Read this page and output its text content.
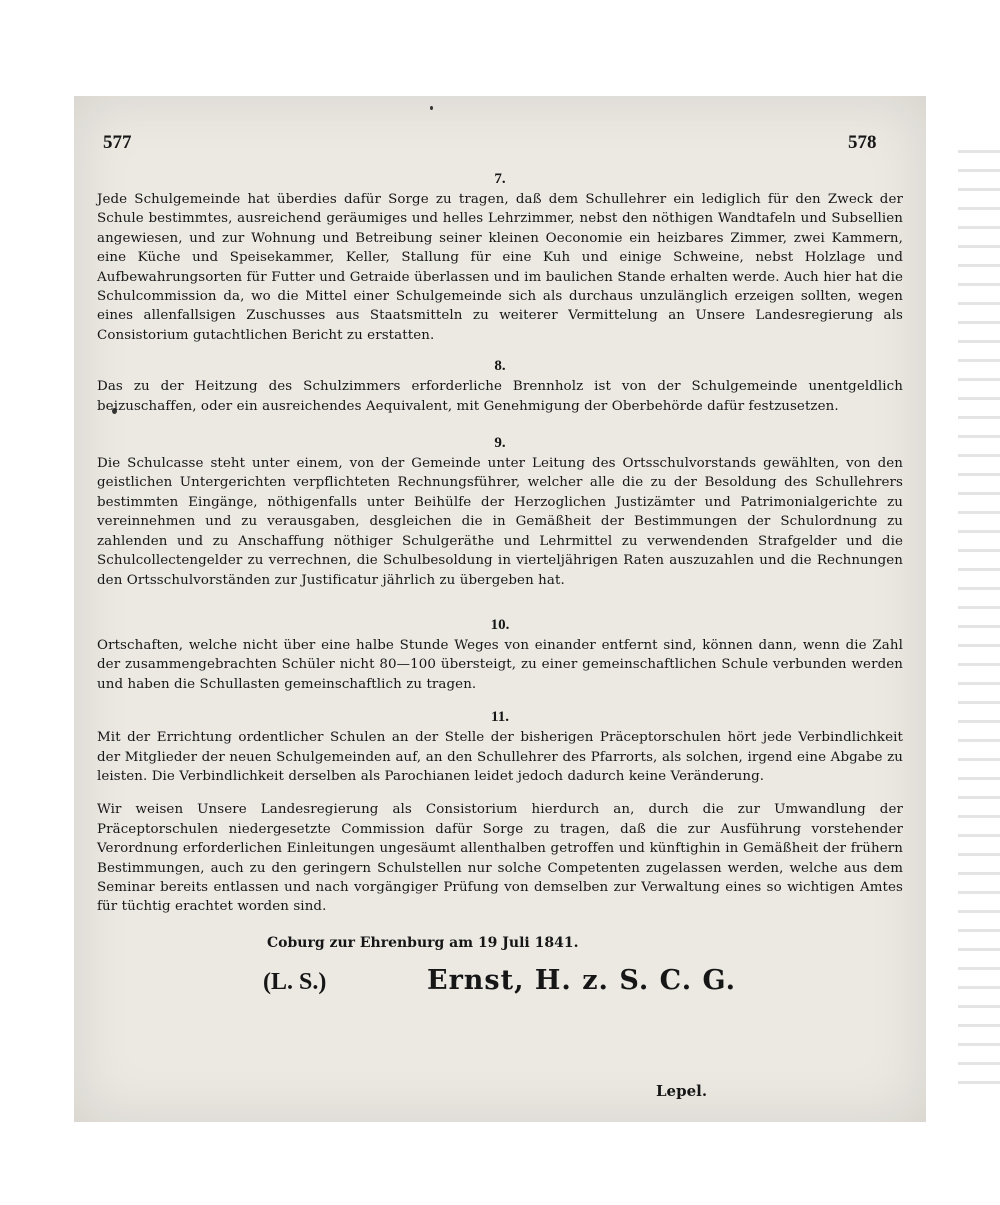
577	578
7.

Jede Schulgemeinde hat überdies dafür Sorge zu tragen, daß dem Schullehrer ein lediglich für den Zweck der Schule bestimmtes, ausreichend geräumiges und helles Lehrzimmer, nebst den nöthigen Wandtafeln und Subsellien angewiesen, und zur Wohnung und Betreibung seiner kleinen Oeconomie ein heizbares Zimmer, zwei Kammern, eine Küche und Speisekammer, Keller, Stallung für eine Kuh und einige Schweine, nebst Holzlage und Aufbewahrungsorten für Futter und Getraide überlassen und im baulichen Stande erhalten werde. Auch hier hat die Schulcommission da, wo die Mittel einer Schulgemeinde sich als durchaus unzulänglich erzeigen sollten, wegen eines allenfallsigen Zuschusses aus Staatsmitteln zu weiterer Vermittelung an Unsere Landesregierung als Consistorium gutachtlichen Bericht zu erstatten.

8.

Das zu der Heitzung des Schulzimmers erforderliche Brennholz ist von der Schulgemeinde unentgeldlich beizuschaffen, oder ein ausreichendes Aequivalent, mit Genehmigung der Oberbehörde dafür festzusetzen.

9.

Die Schulcasse steht unter einem, von der Gemeinde unter Leitung des Ortsschulvorstands gewählten, von den geistlichen Untergerichten verpflichteten Rechnungsführer, welcher alle die zu der Besoldung des Schullehrers bestimmten Eingänge, nöthigenfalls unter Beihülfe der Herzoglichen Justizämter und Patrimonialgerichte zu vereinnehmen und zu verausgaben, desgleichen die in Gemäßheit der Bestimmungen der Schulordnung zu zahlenden und zu Anschaffung nöthiger Schulgeräthe und Lehrmittel zu verwendenden Strafgelder und die Schulcollectengelder zu verrechnen, die Schulbesoldung in vierteljährigen Raten auszuzahlen und die Rechnungen den Ortsschulvorständen zur Justificatur jährlich zu übergeben hat.

10.

Ortschaften, welche nicht über eine halbe Stunde Weges von einander entfernt sind, können dann, wenn die Zahl der zusammengebrachten Schüler nicht 80—100 übersteigt, zu einer gemeinschaftlichen Schule verbunden werden und haben die Schullasten gemeinschaftlich zu tragen.

11.

Mit der Errichtung ordentlicher Schulen an der Stelle der bisherigen Präceptorschulen hört jede Verbindlichkeit der Mitglieder der neuen Schulgemeinden auf, an den Schullehrer des Pfarrorts, als solchen, irgend eine Abgabe zu leisten. Die Verbindlichkeit derselben als Parochianen leidet jedoch dadurch keine Veränderung.

Wir weisen Unsere Landesregierung als Consistorium hierdurch an, durch die zur Umwandlung der Präceptorschulen niedergesetzte Commission dafür Sorge zu tragen, daß die zur Ausführung vorstehender Verordnung erforderlichen Einleitungen ungesäumt allenthalben getroffen und künftighin in Gemäßheit der frühern Bestimmungen, auch zu den geringern Schulstellen nur solche Competenten zugelassen werden, welche aus dem Seminar bereits entlassen und nach vorgängiger Prüfung von demselben zur Verwaltung eines so wichtigen Amtes für tüchtig erachtet worden sind.

Coburg zur Ehrenburg am 19 Juli 1841.
(L. S.)	Ernst, H. z. S. C. G.
Lepel.
